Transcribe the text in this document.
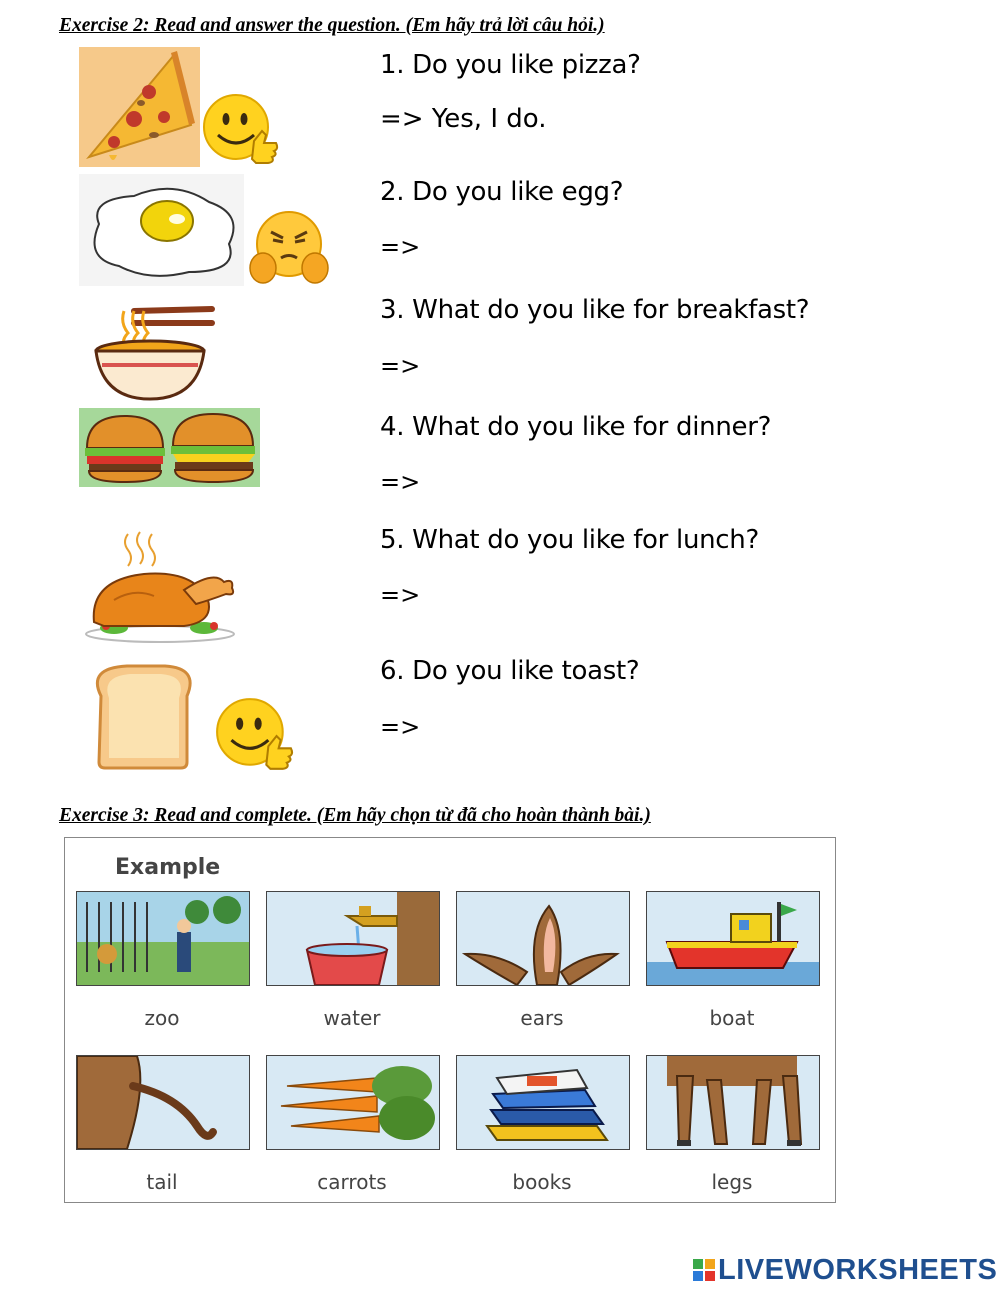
Exercise 2: Read and answer the question. (Em hãy trả lời câu hỏi.)
1. Do you like pizza?
=> Yes, I do.
2. Do you like egg?
=>
3. What do you like for breakfast?
=>
4. What do you like for dinner?
=>
5. What do you like for lunch?
=>
6. Do you like toast?
=>
Exercise 3: Read and complete. (Em hãy chọn từ đã cho hoàn thành bài.)
Example
zoo	water	ears	boat
tail	carrots	books	legs
LIVEWORKSHEETS
